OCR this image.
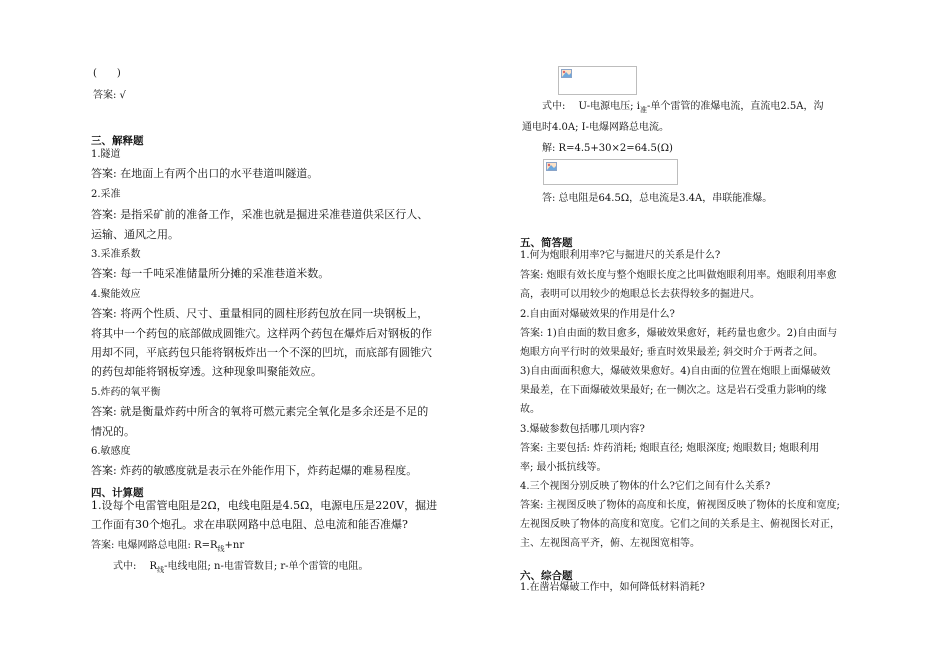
(　　)
答案: √
三、解释题
1.隧道
答案: 在地面上有两个出口的水平巷道叫隧道。
2.采准
答案: 是指采矿前的准备工作，采准也就是掘进采准巷道供采区行人、
运输、通风之用。
3.采准系数
答案: 每一千吨采准储量所分摊的采准巷道米数。
4.聚能效应
答案: 将两个性质、尺寸、重量相同的圆柱形药包放在同一块钢板上，
将其中一个药包的底部做成圆锥穴。这样两个药包在爆炸后对钢板的作
用却不同，平底药包只能将钢板炸出一个不深的凹坑，而底部有圆锥穴
的药包却能将钢板穿透。这种现象叫聚能效应。
5.炸药的氧平衡
答案: 就是衡量炸药中所含的氧将可燃元素完全氧化是多余还是不足的
情况的。
6.敏感度
答案: 炸药的敏感度就是表示在外能作用下，炸药起爆的难易程度。
四、计算题
1.设每个电雷管电阻是2Ω，电线电阻是4.5Ω，电源电压是220V，掘进
工作面有30个炮孔。求在串联网路中总电阻、总电流和能否准爆?
答案: 电爆网路总电阻: $R=R_线+nr$
式中:　 $R_线-$电线电阻; n-电雷管数目; r-单个雷管的电阻。
式中:　 U-电源电压; $i_准-$单个雷管的准爆电流，直流电2.5A，沟
通电时4.0A; I-电爆网路总电流。
解: R=4.5+30×2=64.5(Ω)
答: 总电阻是64.5Ω，总电流是3.4A，串联能准爆。
五、简答题
1.何为炮眼利用率?它与掘进尺的关系是什么?
答案: 炮眼有效长度与整个炮眼长度之比叫做炮眼利用率。炮眼利用率愈
高，表明可以用较少的炮眼总长去获得较多的掘进尺。
2.自由面对爆破效果的作用是什么?
答案: 1)自由面的数目愈多，爆破效果愈好，耗药量也愈少。2)自由面与
炮眼方向平行时的效果最好; 垂直时效果最差; 斜交时介于两者之间。
3)自由面面积愈大，爆破效果愈好。4)自由面的位置在炮眼上面爆破效
果最差，在下面爆破效果最好; 在一侧次之。这是岩石受重力影响的缘
故。
3.爆破参数包括哪几项内容?
答案: 主要包括: 炸药消耗; 炮眼直径; 炮眼深度; 炮眼数目; 炮眼利用
率; 最小抵抗线等。
4.三个视图分别反映了物体的什么?它们之间有什么关系?
答案: 主视图反映了物体的高度和长度，俯视图反映了物体的长度和宽度;
左视图反映了物体的高度和宽度。它们之间的关系是主、俯视图长对正，
主、左视图高平齐，俯、左视图宽相等。
六、综合题
1.在凿岩爆破工作中，如何降低材料消耗?
